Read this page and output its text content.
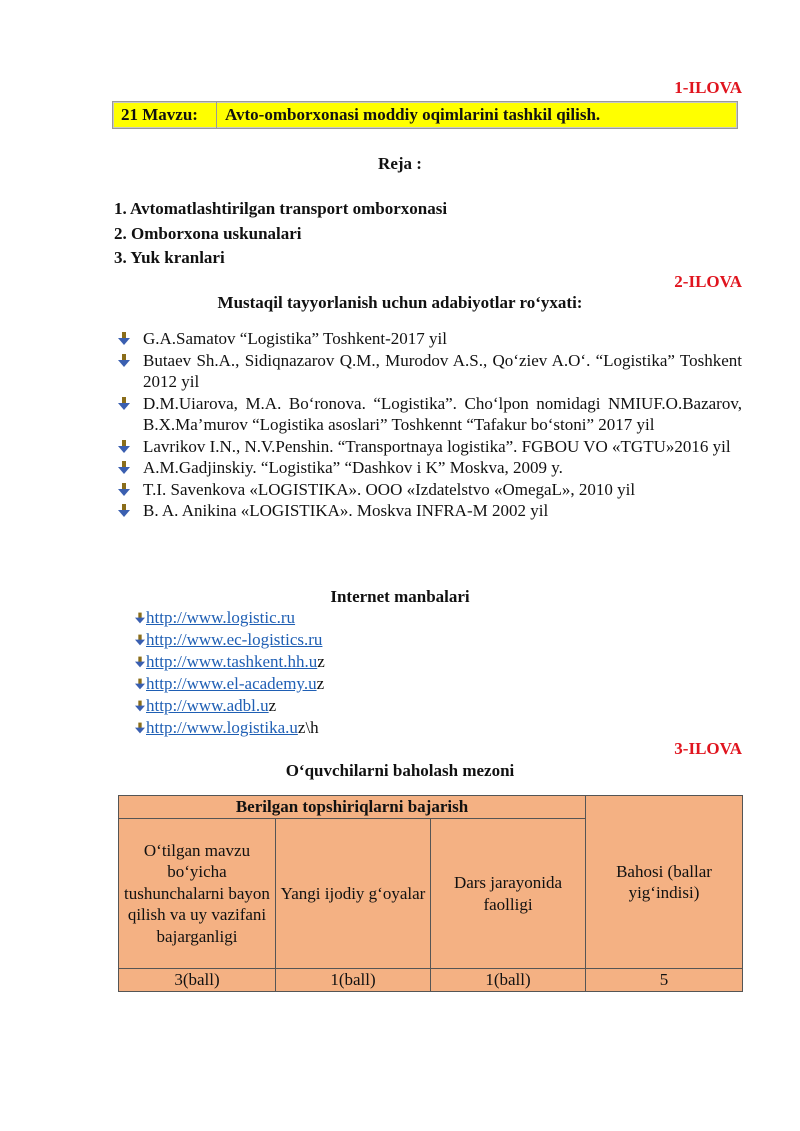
1-ILOVA
21 Mavzu:	Avto-omborxonasi moddiy oqimlarini tashkil qilish.
Reja :
1. Avtomatlashtirilgan transport omborxonasi
2. Omborxona uskunalari
3. Yuk kranlari
2-ILOVA
Mustaqil tayyorlanish uchun adabiyotlar ro‘yxati:
G.A.Samatov “Logistika” Toshkent-2017 yil
Butaev Sh.A., Sidiqnazarov Q.M., Murodov A.S., Qo‘ziev A.O‘. “Logistika” Toshkent 2012 yil
D.M.Uiarova, M.A. Bo‘ronova. “Logistika”. Cho‘lpon nomidagi NMIUF.O.Bazarov, B.X.Ma’murov “Logistika asoslari” Toshkennt “Tafakur bo‘stoni” 2017 yil
Lavrikov I.N., N.V.Penshin. “Transportnaya logistika”. FGBOU VO «TGTU»2016 yil
A.M.Gadjinskiy. “Logistika” “Dashkov i K” Moskva, 2009 y.
T.I. Savenkova «LOGISTIKA». OOO «Izdatelstvo «OmegaL», 2010 yil
B. A. Anikina «LOGISTIKA». Moskva INFRA-M 2002 yil
Internet manbalari
http://www.logistic.ru
http://www.ec-logistics.ru
http://www.tashkent.hh.uz
http://www.el-academy.uz
http://www.adbl.uz
http://www.logistika.uz\h
3-ILOVA
O‘quvchilarni baholash mezoni
Berilgan topshiriqlarni bajarish			Bahosi (ballar yig‘indisi)
O‘tilgan mavzu bo‘yicha tushunchalarni bayon qilish va uy vazifani bajarganligi	Yangi ijodiy g‘oyalar	Dars jarayonida faolligi	
3(ball)	1(ball)	1(ball)	5
